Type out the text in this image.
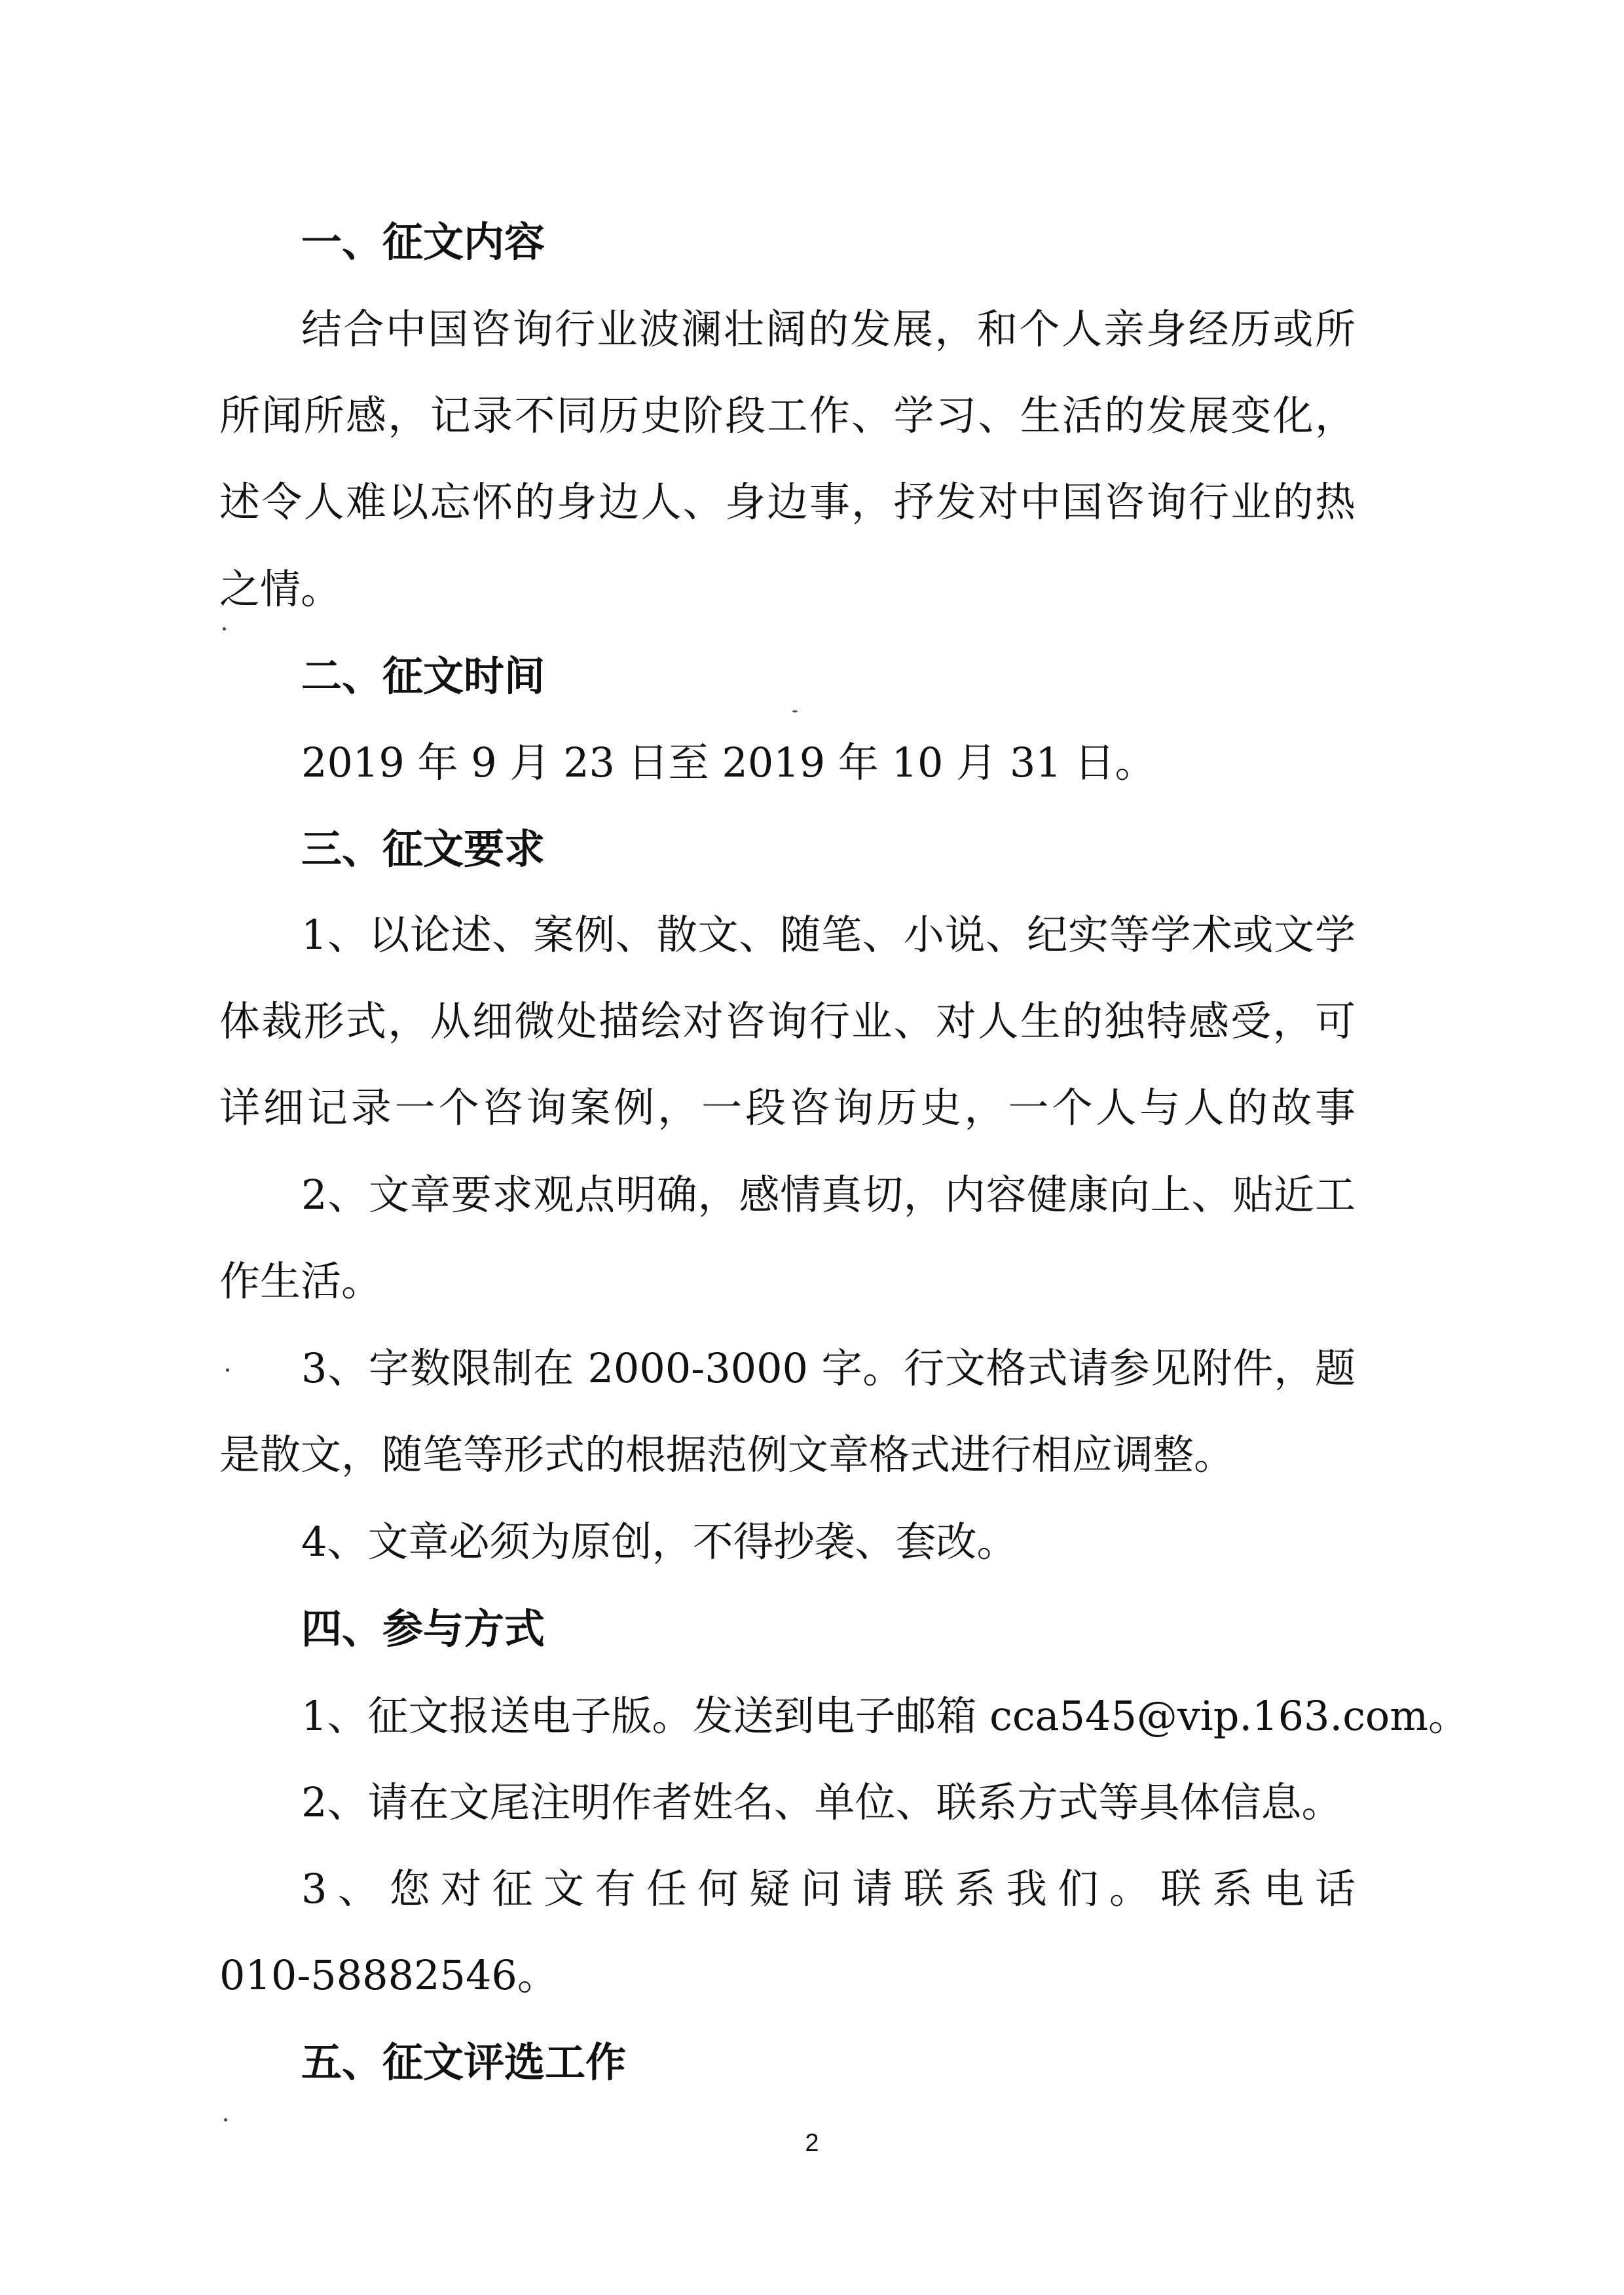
一、征文内容
结合中国咨询行业波澜壮阔的发展，和个人亲身经历或所
所闻所感，记录不同历史阶段工作、学习、生活的发展变化，
述令人难以忘怀的身边人、身边事，抒发对中国咨询行业的热
之情。
二、征文时间
2019 年 9 月 23 日至 2019 年 10 月 31 日。
三、征文要求
1、以论述、案例、散文、随笔、小说、纪实等学术或文学
体裁形式，从细微处描绘对咨询行业、对人生的独特感受，可
详细记录一个咨询案例，一段咨询历史，一个人与人的故事
2、文章要求观点明确，感情真切，内容健康向上、贴近工
作生活。
3、字数限制在 2000-3000 字。行文格式请参见附件，题
是散文，随笔等形式的根据范例文章格式进行相应调整。
4、文章必须为原创，不得抄袭、套改。
四、参与方式
1、征文报送电子版。发送到电子邮箱 cca545@vip.163.com。
2、请在文尾注明作者姓名、单位、联系方式等具体信息。
3、您对征文有任何疑问请联系我们。联系电话
010-58882546。
五、征文评选工作
2
